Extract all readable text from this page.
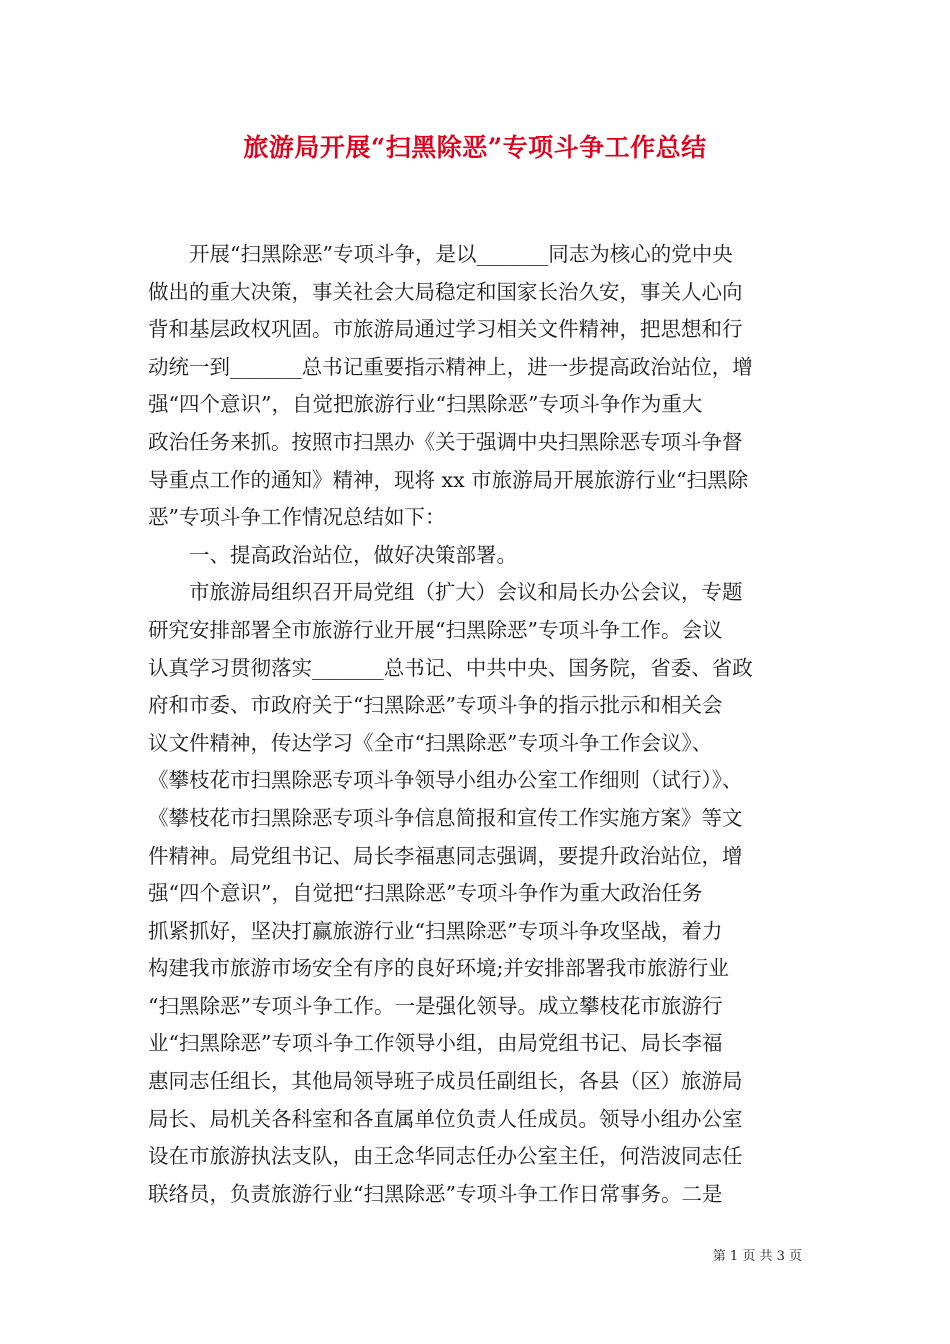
旅游局开展“扫黑除恶”专项斗争工作总结
　　开展“扫黑除恶”专项斗争，是以_______同志为核心的党中央
做出的重大决策，事关社会大局稳定和国家长治久安，事关人心向
背和基层政权巩固。市旅游局通过学习相关文件精神，把思想和行
动统一到_______总书记重要指示精神上，进一步提高政治站位，增
强“四个意识”，自觉把旅游行业“扫黑除恶”专项斗争作为重大
政治任务来抓。按照市扫黑办《关于强调中央扫黑除恶专项斗争督
导重点工作的通知》精神，现将 xx 市旅游局开展旅游行业“扫黑除
恶”专项斗争工作情况总结如下：
　　一、提高政治站位，做好决策部署。
　　市旅游局组织召开局党组（扩大）会议和局长办公会议，专题
研究安排部署全市旅游行业开展“扫黑除恶”专项斗争工作。会议
认真学习贯彻落实_______总书记、中共中央、国务院，省委、省政
府和市委、市政府关于“扫黑除恶”专项斗争的指示批示和相关会
议文件精神，传达学习《全市“扫黑除恶”专项斗争工作会议》、
《攀枝花市扫黑除恶专项斗争领导小组办公室工作细则（试行）》、
《攀枝花市扫黑除恶专项斗争信息简报和宣传工作实施方案》等文
件精神。局党组书记、局长李福惠同志强调，要提升政治站位，增
强“四个意识”，自觉把“扫黑除恶”专项斗争作为重大政治任务
抓紧抓好，坚决打赢旅游行业“扫黑除恶”专项斗争攻坚战，着力
构建我市旅游市场安全有序的良好环境;并安排部署我市旅游行业
“扫黑除恶”专项斗争工作。一是强化领导。成立攀枝花市旅游行
业“扫黑除恶”专项斗争工作领导小组，由局党组书记、局长李福
惠同志任组长，其他局领导班子成员任副组长，各县（区）旅游局
局长、局机关各科室和各直属单位负责人任成员。领导小组办公室
设在市旅游执法支队，由王念华同志任办公室主任，何浩波同志任
联络员，负责旅游行业“扫黑除恶”专项斗争工作日常事务。二是
第 1 页 共 3 页
